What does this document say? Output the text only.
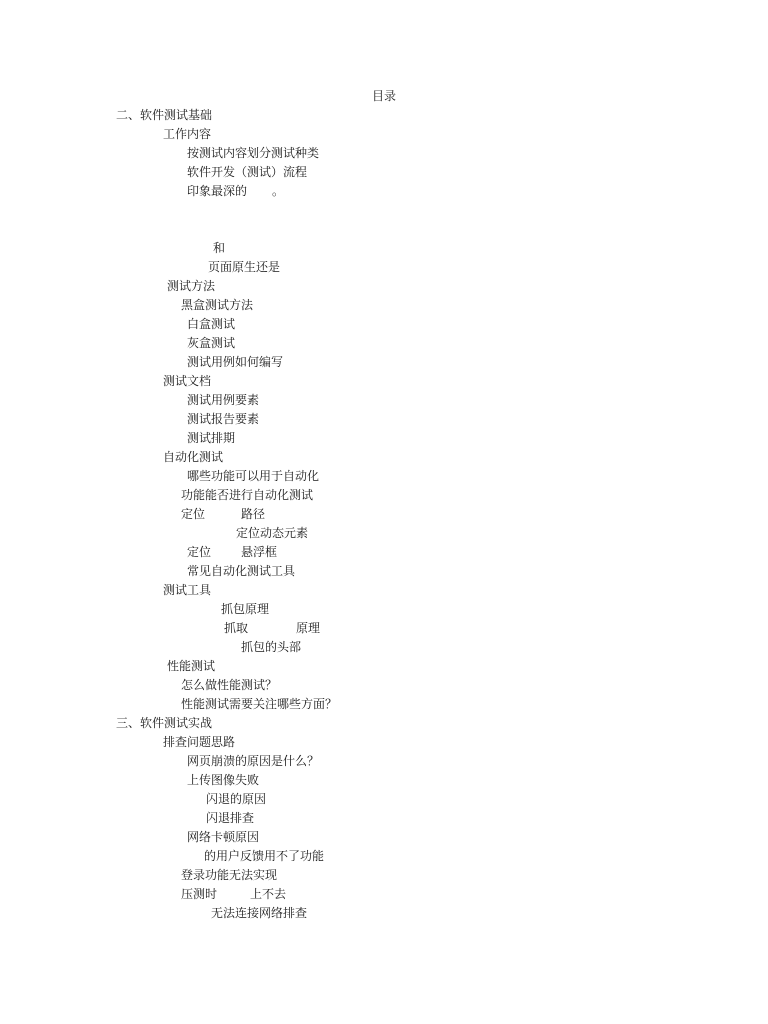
目录
二、软件测试基础
工作内容
按测试内容划分测试种类
软件开发（测试）流程
印象最深的 。
和
页面原生还是
测试方法
黑盒测试方法
白盒测试
灰盒测试
测试用例如何编写
测试文档
测试用例要素
测试报告要素
测试排期
自动化测试
哪些功能可以用于自动化
功能能否进行自动化测试
定位	路径
定位动态元素
定位 悬浮框
常见自动化测试工具
测试工具
抓包原理
抓取	原理
抓包的头部
性能测试
怎么做性能测试？
性能测试需要关注哪些方面？
三、软件测试实战
排查问题思路
网页崩溃的原因是什么？
上传图像失败
闪退的原因
闪退排查
网络卡顿原因
的用户反馈用不了功能
登录功能无法实现
压测时	上不去
无法连接网络排查
